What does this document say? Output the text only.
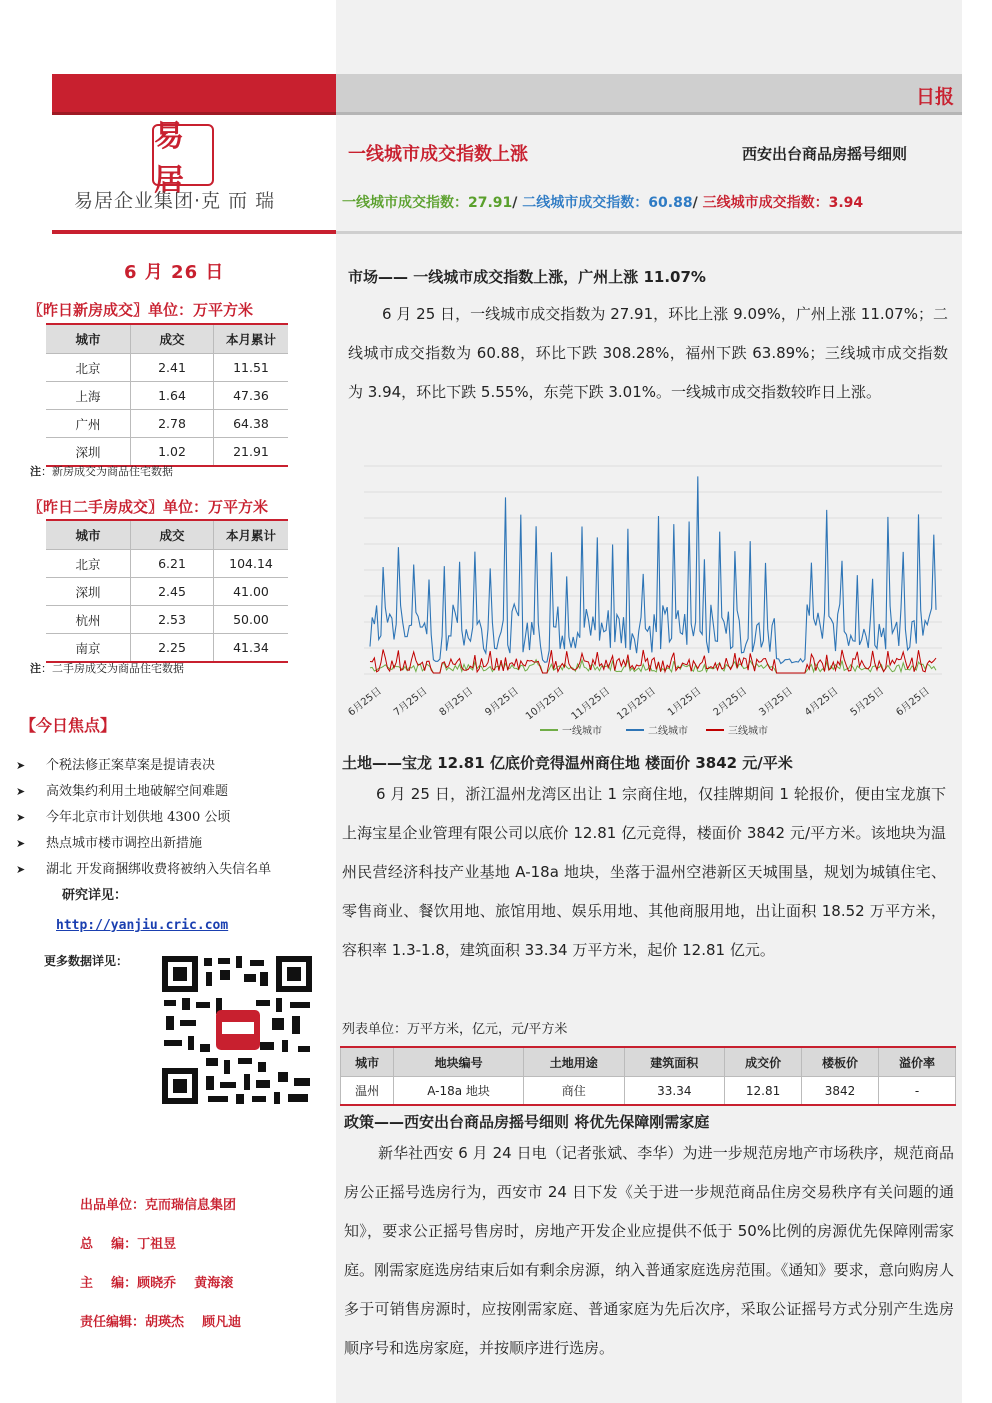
日报
易居
易居企业集团·克 而 瑞
一线城市成交指数上涨	西安出台商品房摇号细则
一线城市成交指数：27.91/ 二线城市成交指数：60.88/ 三线城市成交指数：3.94
6 月 26 日
〖昨日新房成交〗单位：万平方米
城市	成交	本月累计
北京	2.41	11.51
上海	1.64	47.36
广州	2.78	64.38
深圳	1.02	21.91
注：新房成交为商品住宅数据
〖昨日二手房成交〗单位：万平方米
城市	成交	本月累计
北京	6.21	104.14
深圳	2.45	41.00
杭州	2.53	50.00
南京	2.25	41.34
注：二手房成交为商品住宅数据
【今日焦点】
➤ 个税法修正案草案是提请表决
➤ 高效集约利用土地破解空间难题
➤ 今年北京市计划供地 4300 公顷
➤ 热点城市楼市调控出新措施
➤ 湖北 开发商捆绑收费将被纳入失信名单
研究详见：
http://yanjiu.cric.com
更多数据详见：
出品单位：克而瑞信息集团
总    编：丁祖昱
主    编：顾晓乔    黄海滚
责任编辑：胡瑛杰    顾凡迪
市场—— 一线城市成交指数上涨，广州上涨 11.07%
6 月 25 日，一线城市成交指数为 27.91，环比上涨 9.09%，广州上涨 11.07%；二线城市成交指数为 60.88，环比下跌 308.28%，福州下跌 63.89%；三线城市成交指数为 3.94，环比下跌 5.55%，东莞下跌 3.01%。一线城市成交指数较昨日上涨。
6月25日 7月25日 8月25日 9月25日 10月25日 11月25日 12月25日 1月25日 2月25日 3月25日 4月25日 5月25日 6月25日
一线城市	二线城市	三线城市
土地——宝龙 12.81 亿底价竞得温州商住地 楼面价 3842 元/平米
6 月 25 日，浙江温州龙湾区出让 1 宗商住地，仅挂牌期间 1 轮报价，便由宝龙旗下上海宝星企业管理有限公司以底价 12.81 亿元竞得，楼面价 3842 元/平方米。该地块为温州民营经济科技产业基地 A-18a 地块，坐落于温州空港新区天城围垦，规划为城镇住宅、零售商业、餐饮用地、旅馆用地、娱乐用地、其他商服用地，出让面积 18.52 万平方米，容积率 1.3-1.8，建筑面积 33.34 万平方米，起价 12.81 亿元。
列表单位：万平方米，亿元，元/平方米
城市	地块编号	土地用途	建筑面积	成交价	楼板价	溢价率
温州	A-18a 地块	商住	33.34	12.81	3842	-
政策——西安出台商品房摇号细则 将优先保障刚需家庭
新华社西安 6 月 24 日电（记者张斌、李华）为进一步规范房地产市场秩序，规范商品房公正摇号选房行为，西安市 24 日下发《关于进一步规范商品住房交易秩序有关问题的通知》，要求公正摇号售房时，房地产开发企业应提供不低于 50%比例的房源优先保障刚需家庭。刚需家庭选房结束后如有剩余房源，纳入普通家庭选房范围。《通知》要求，意向购房人多于可销售房源时，应按刚需家庭、普通家庭为先后次序，采取公证摇号方式分别产生选房顺序号和选房家庭，并按顺序进行选房。
